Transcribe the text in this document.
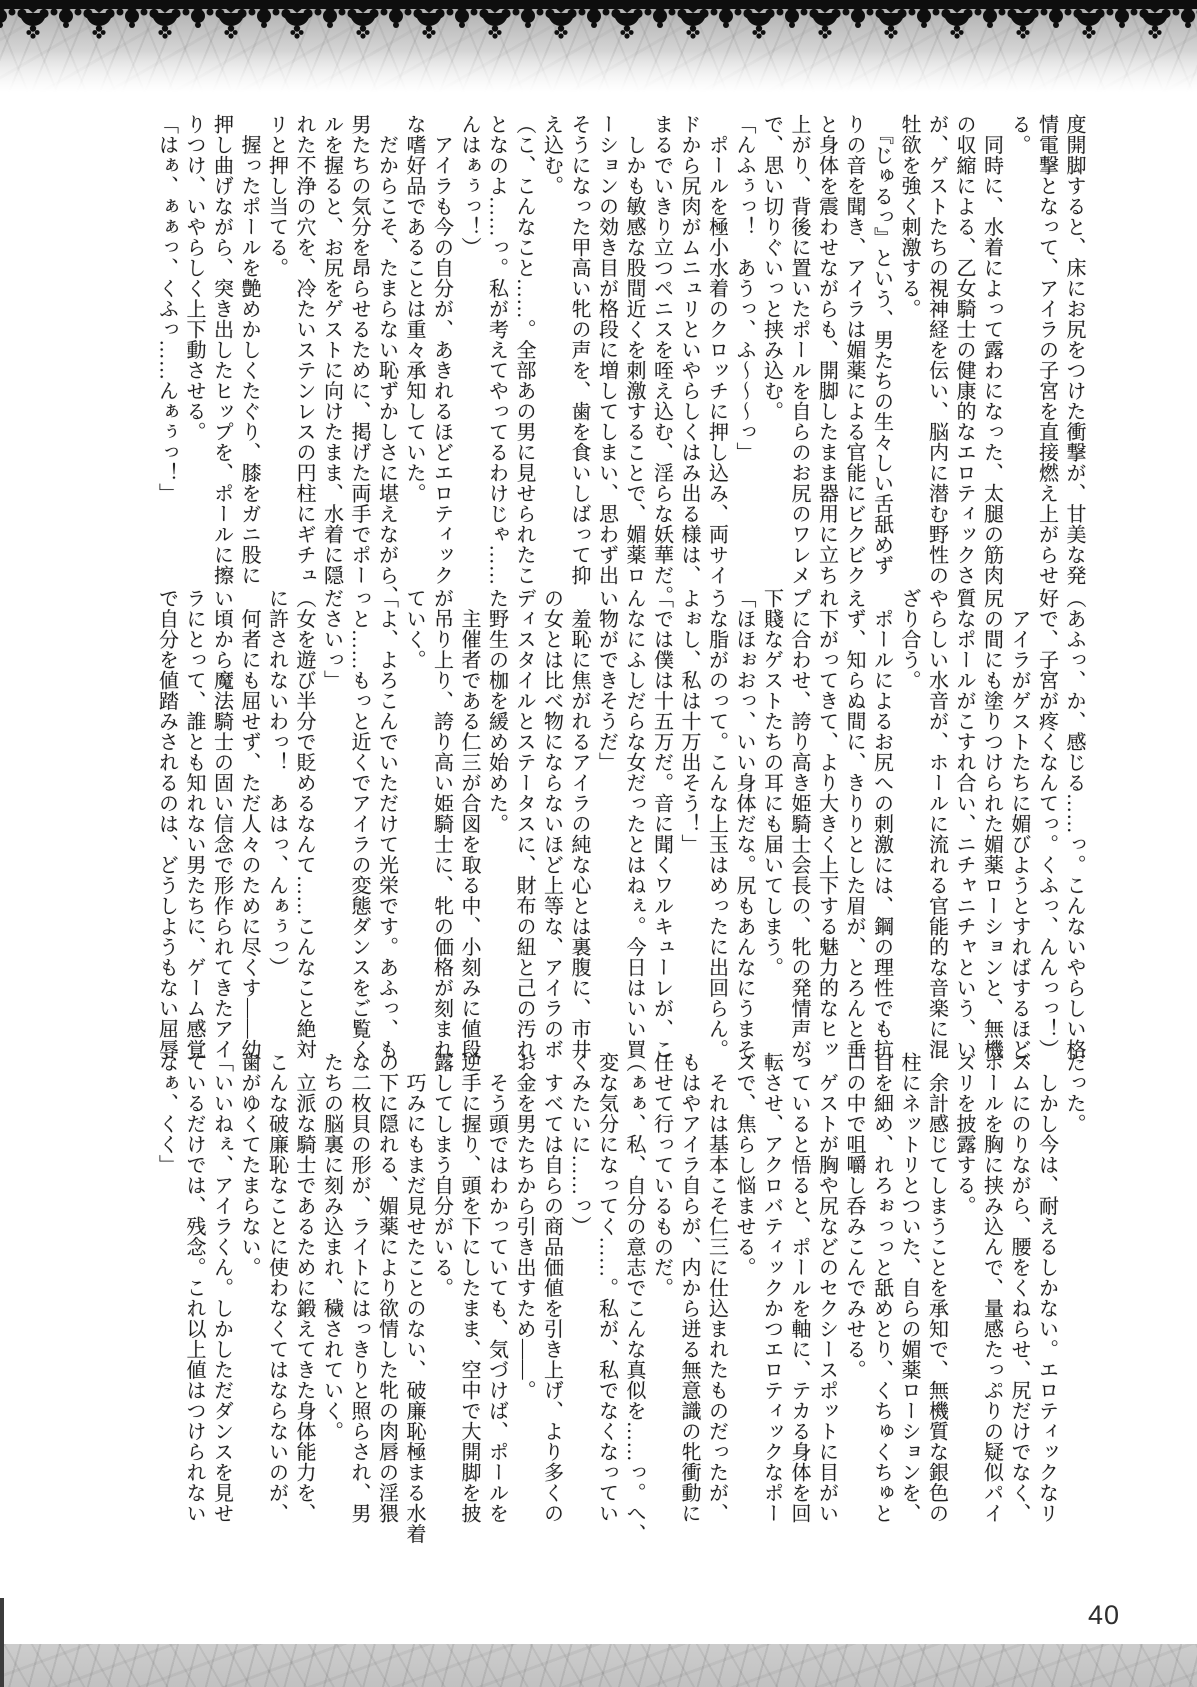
度開脚すると、床にお尻をつけた衝撃が、甘美な発
情電撃となって、アイラの子宮を直接燃え上がらせ
る。
　同時に、水着によって露わになった、太腿の筋肉
の収縮による、乙女騎士の健康的なエロティックさ
が、ゲストたちの視神経を伝い、脳内に潜む野性の
牡欲を強く刺激する。
　『じゅるっ』という、男たちの生々しい舌舐めず
りの音を聞き、アイラは媚薬による官能にビクビク
と身体を震わせながらも、開脚したまま器用に立ち
上がり、背後に置いたポールを自らのお尻のワレメ
で、思い切りぐいっと挟み込む。
「んふぅっ！　あうっ、ふ～～～っ」
　ポールを極小水着のクロッチに押し込み、両サイ
ドから尻肉がムニュリといやらしくはみ出る様は、
まるでいきり立つペニスを咥え込む、淫らな妖華だ。
　しかも敏感な股間近くを刺激することで、媚薬ロ
ーションの効き目が格段に増してしまい、思わず出
そうになった甲高い牝の声を、歯を食いしばって抑
え込む。
（こ、こんなこと……。全部あの男に見せられたこ
となのよ……っ。私が考えてやってるわけじゃ……
んはぁぅっ！）
　アイラも今の自分が、あきれるほどエロティック
な嗜好品であることは重々承知していた。
　だからこそ、たまらない恥ずかしさに堪えながら、
男たちの気分を昂らせるために、掲げた両手でポー
ルを握ると、お尻をゲストに向けたまま、水着に隠
れた不浄の穴を、冷たいステンレスの円柱にギチュ
リと押し当てる。
　握ったポールを艶めかしくたぐり、膝をガニ股に
押し曲げながら、突き出したヒップを、ポールに擦
りつけ、いやらしく上下動させる。
「はぁ、ぁぁっ、くふっ……んぁぅっ！」
（あふっ、か、感じる……っ。こんないやらしい格
好で、子宮が疼くなんてっ。くふっ、んんっっ！）
　アイラがゲストたちに媚びようとすればするほど、
尻の間にも塗りつけられた媚薬ローションと、無機
質なポールがこすれ合い、ニチャニチャという、い
やらしい水音が、ホールに流れる官能的な音楽に混
ざり合う。
　ポールによるお尻への刺激には、鋼の理性でも抗
えず、知らぬ間に、きりりとした眉が、とろんと垂
れ下がってきて、より大きく上下する魅力的なヒッ
プに合わせ、誇り高き姫騎士会長の、牝の発情声が、
下賤なゲストたちの耳にも届いてしまう。
「ほほぉおっ、いい身体だな。尻もあんなにうまそ
うな脂がのって。こんな上玉はめったに出回らん。
よぉし、私は十万出そう！」
「では僕は十五万だ。音に聞くワルキューレが、こ
んなにふしだらな女だったとはねぇ。今日はいい買
い物ができそうだ」
　羞恥に焦がれるアイラの純な心とは裏腹に、市井
の女とは比べ物にならないほど上等な、アイラのボ
ディスタイルとステータスに、財布の紐と己の汚れ
た野生の枷を緩め始めた。
　主催者である仁三が合図を取る中、小刻みに値段
が吊り上り、誇り高い姫騎士に、牝の価格が刻まれ
ていく。
「よ、よろこんでいただけて光栄です。あふっ、も
っと……もっと近くでアイラの変態ダンスをご覧く
ださいっ」
（女を遊び半分で貶めるなんて……こんなこと絶対
に許されないわっ！　あはっ、んぁぅっ）
　何者にも屈せず、ただ人々のために尽くす——幼
い頃から魔法騎士の固い信念で形作られてきたアイ
ラにとって、誰とも知れない男たちに、ゲーム感覚
で自分を値踏みされるのは、どうしようもない屈辱
だった。
　しかし今は、耐えるしかない。エロティックなリ
ズムにのりながら、腰をくねらせ、尻だけでなく、
ポールを胸に挟み込んで、量感たっぷりの疑似パイ
ズリを披露する。
　余計感じてしまうことを承知で、無機質な銀色の
柱にネットリとついた、自らの媚薬ローションを、
目を細め、れろぉっっと舐めとり、くちゅくちゅと
口の中で咀嚼し呑みこんでみせる。
　ゲストが胸や尻などのセクシースポットに目がい
っていると悟ると、ポールを軸に、テカる身体を回
転させ、アクロバティックかつエロティックなポー
ズで、焦らし悩ませる。
　それは基本こそ仁三に仕込まれたものだったが、
もはやアイラ自らが、内から迸る無意識の牝衝動に
任せて行っているものだ。
（ぁぁ、私、自分の意志でこんな真似を……っ。へ、
変な気分になってく……。私が、私でなくなってい
くみたいに……っ）
　すべては自らの商品価値を引き上げ、より多くの
お金を男たちから引き出すため——。
　そう頭ではわかっていても、気づけば、ポールを
逆手に握り、頭を下にしたまま、空中で大開脚を披
露してしまう自分がいる。
　巧みにもまだ見せたことのない、破廉恥極まる水着
の下に隠れる、媚薬により欲情した牝の肉唇の淫猥
な二枚貝の形が、ライトにはっきりと照らされ、男
たちの脳裏に刻み込まれ、穢されていく。
　立派な騎士であるために鍛えてきた身体能力を、
こんな破廉恥なことに使わなくてはならないのが、
歯がゆくてたまらない。
「いいねぇ、アイラくん。しかしただダンスを見せ
ているだけでは、残念。これ以上値はつけられない
なぁ、くく」
40
